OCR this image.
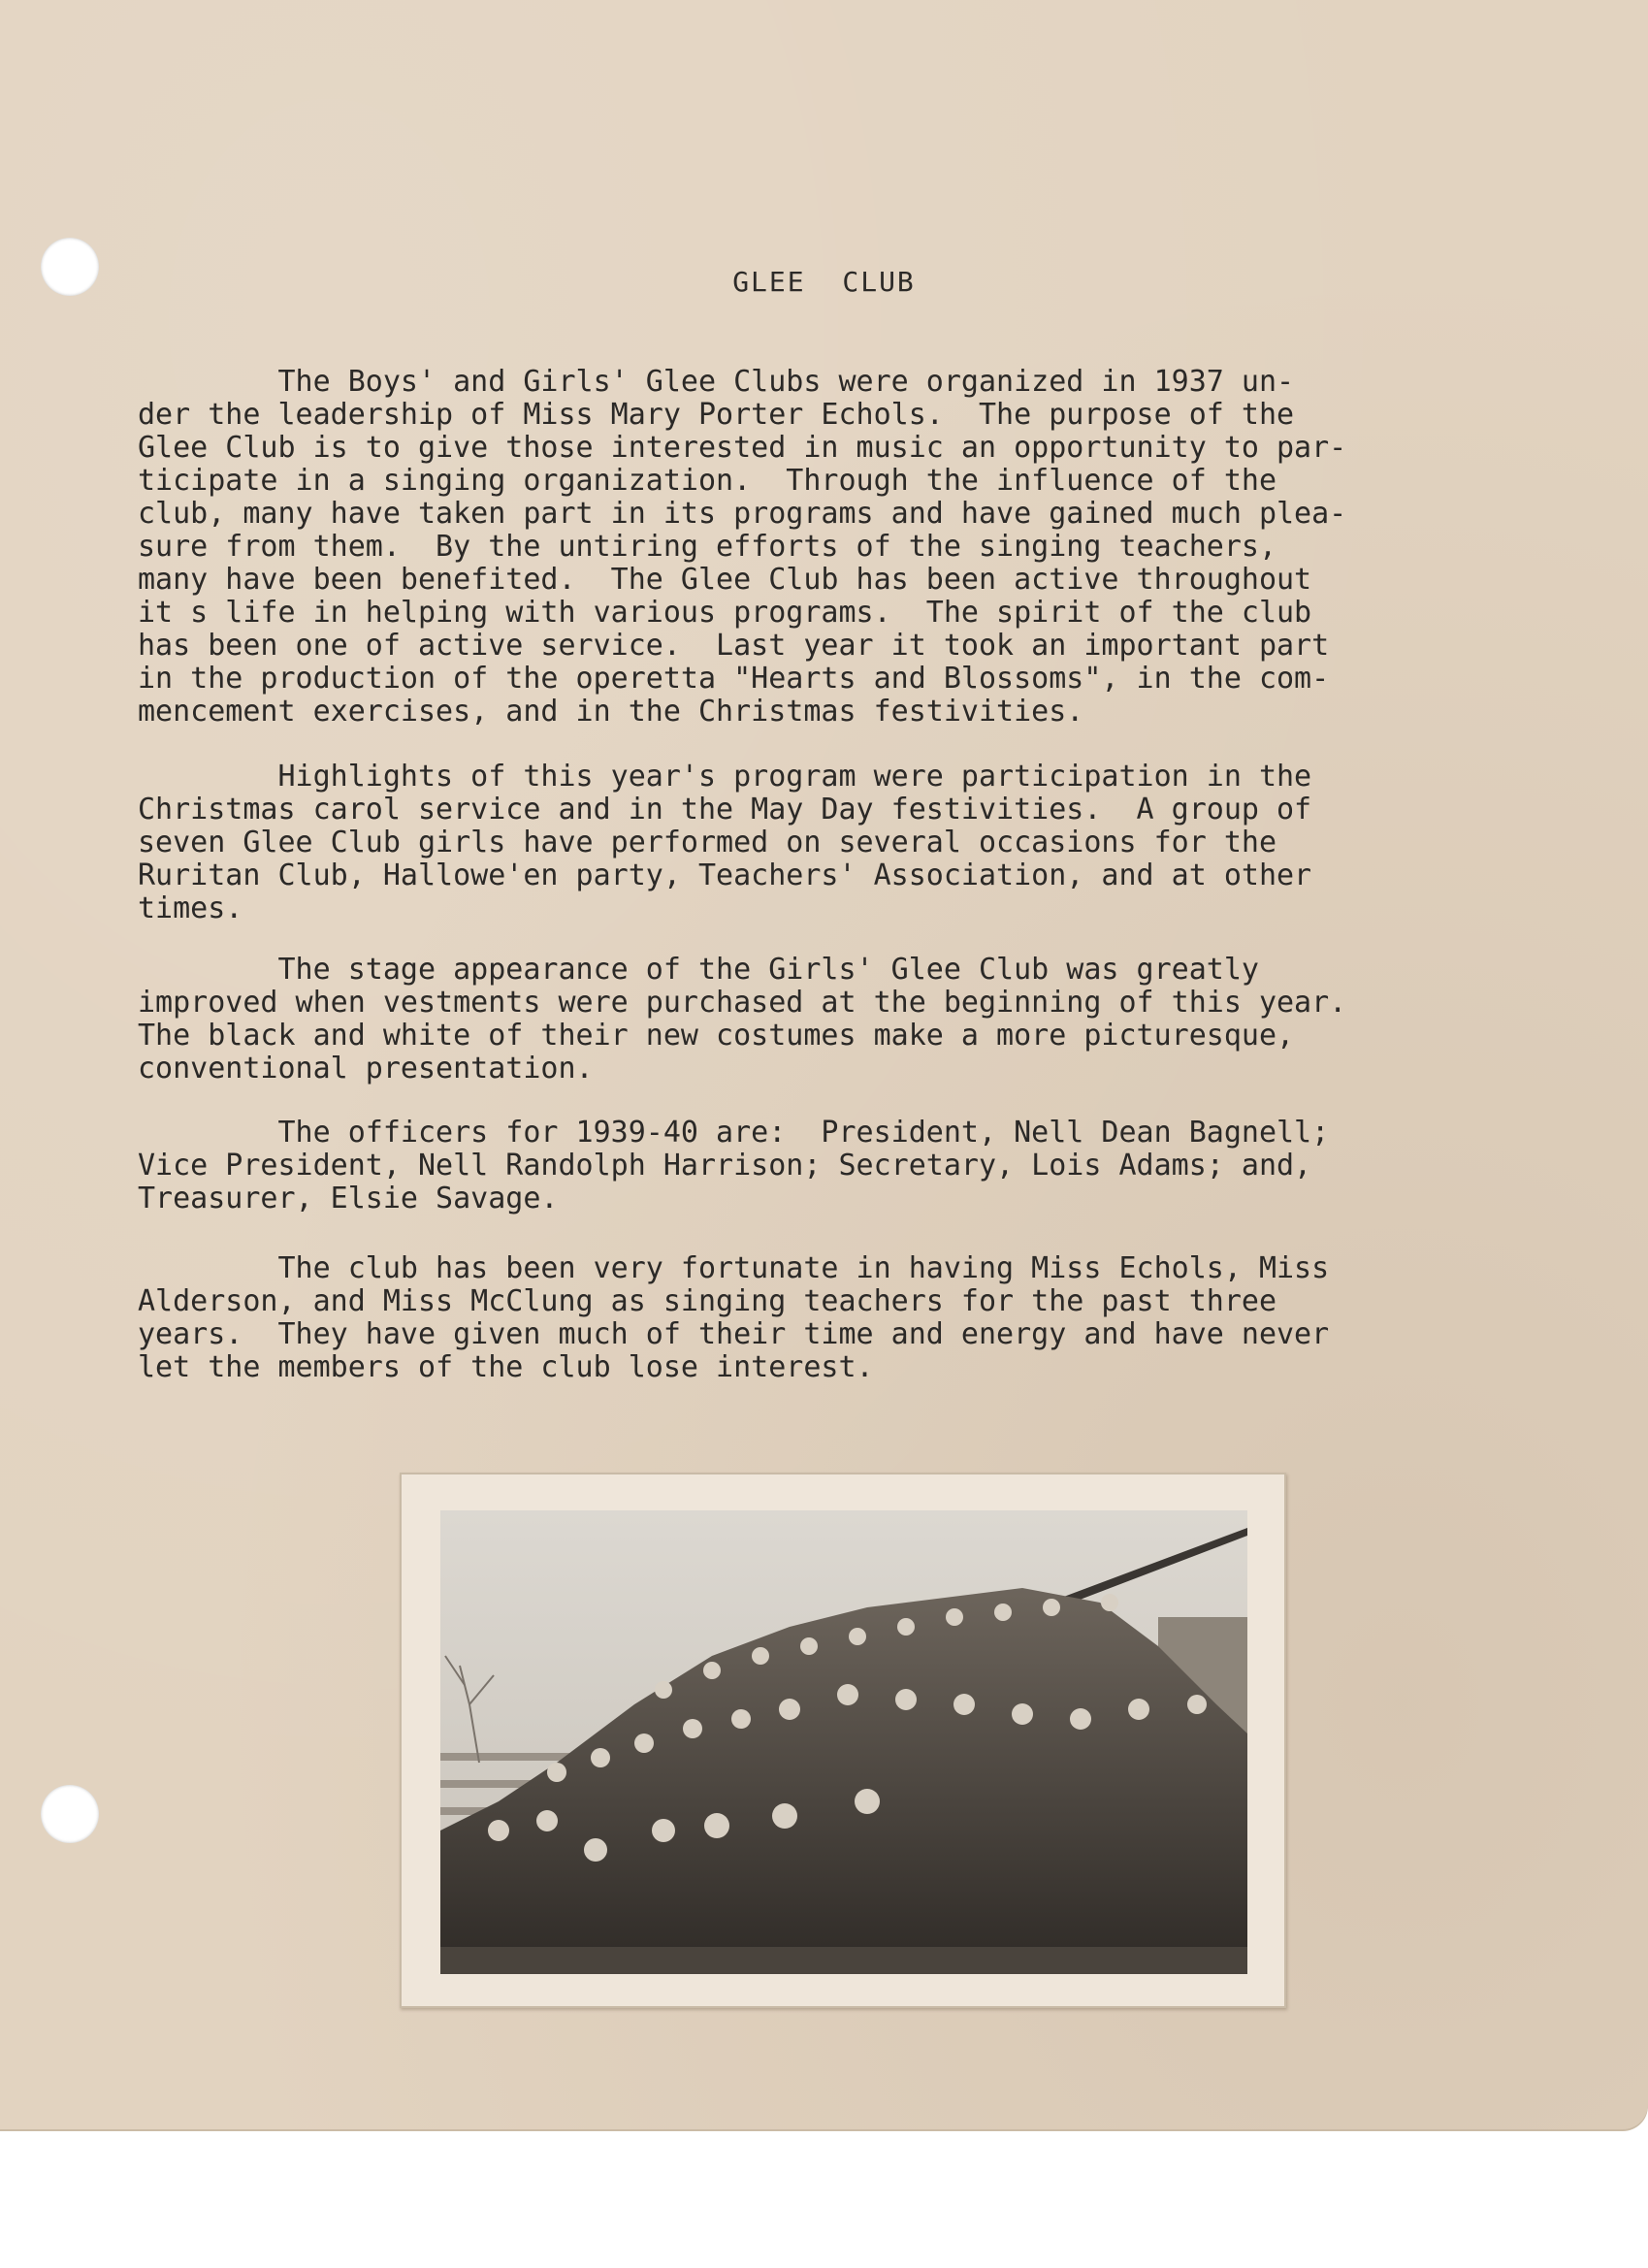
GLEE  CLUB

The Boys' and Girls' Glee Clubs were organized in 1937 un-
der the leadership of Miss Mary Porter Echols.  The purpose of the
Glee Club is to give those interested in music an opportunity to par-
ticipate in a singing organization.  Through the influence of the
club, many have taken part in its programs and have gained much plea-
sure from them.  By the untiring efforts of the singing teachers,
many have been benefited.  The Glee Club has been active throughout
it s life in helping with various programs.  The spirit of the club
has been one of active service.  Last year it took an important part
in the production of the operetta "Hearts and Blossoms", in the com-
mencement exercises, and in the Christmas festivities.

Highlights of this year's program were participation in the
Christmas carol service and in the May Day festivities.  A group of
seven Glee Club girls have performed on several occasions for the
Ruritan Club, Hallowe'en party, Teachers' Association, and at other
times.

The stage appearance of the Girls' Glee Club was greatly
improved when vestments were purchased at the beginning of this year.
The black and white of their new costumes make a more picturesque,
conventional presentation.

The officers for 1939-40 are:  President, Nell Dean Bagnell;
Vice President, Nell Randolph Harrison; Secretary, Lois Adams; and,
Treasurer, Elsie Savage.

The club has been very fortunate in having Miss Echols, Miss
Alderson, and Miss McClung as singing teachers for the past three
years.  They have given much of their time and energy and have never
let the members of the club lose interest.
